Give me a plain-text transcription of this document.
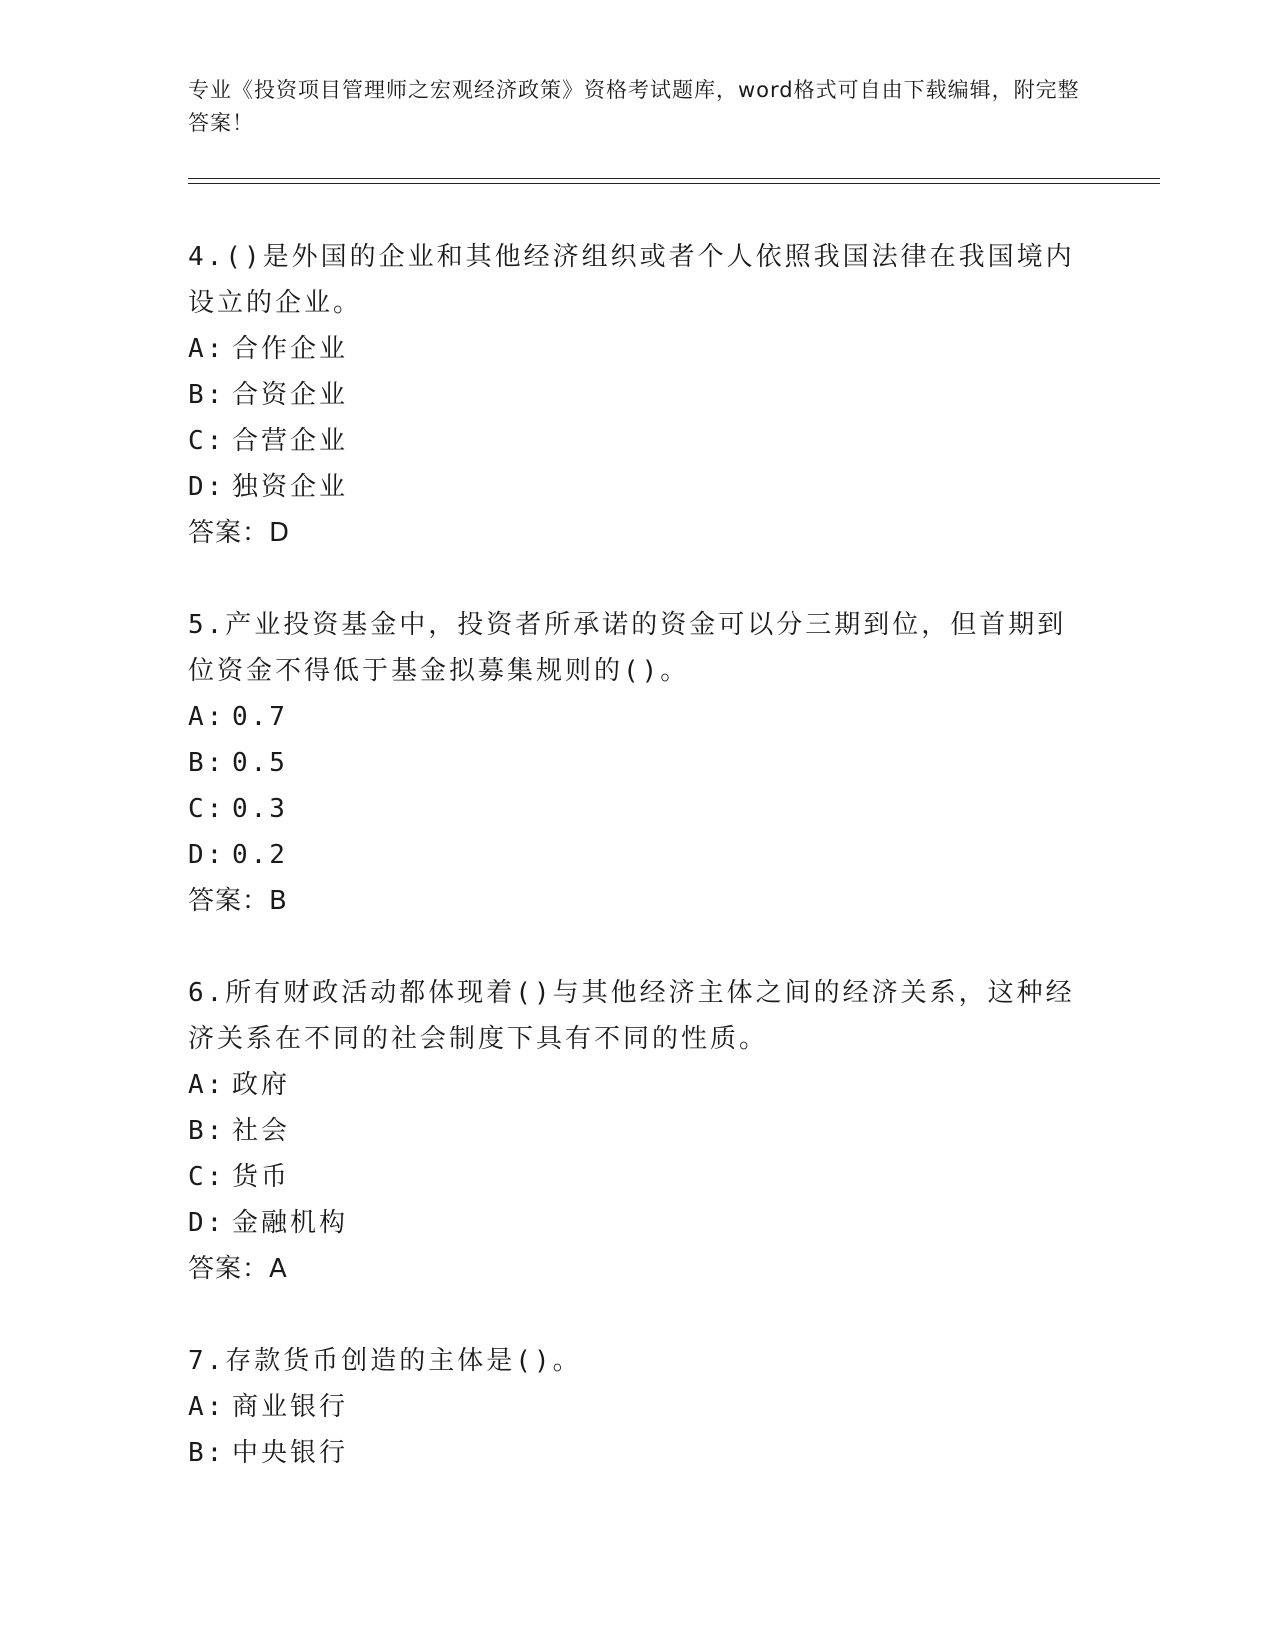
专业《投资项目管理师之宏观经济政策》资格考试题库，word格式可自由下载编辑，附完整答案！

4.()是外国的企业和其他经济组织或者个人依照我国法律在我国境内设立的企业。

A: 合作企业
B: 合资企业
C: 合营企业
D: 独资企业
答案：D

5.产业投资基金中，投资者所承诺的资金可以分三期到位，但首期到位资金不得低于基金拟募集规则的()。

A: 0.7
B: 0.5
C: 0.3
D: 0.2
答案：B

6.所有财政活动都体现着()与其他经济主体之间的经济关系，这种经济关系在不同的社会制度下具有不同的性质。

A: 政府
B: 社会
C: 货币
D: 金融机构
答案：A

7.存款货币创造的主体是()。

A: 商业银行
B: 中央银行
